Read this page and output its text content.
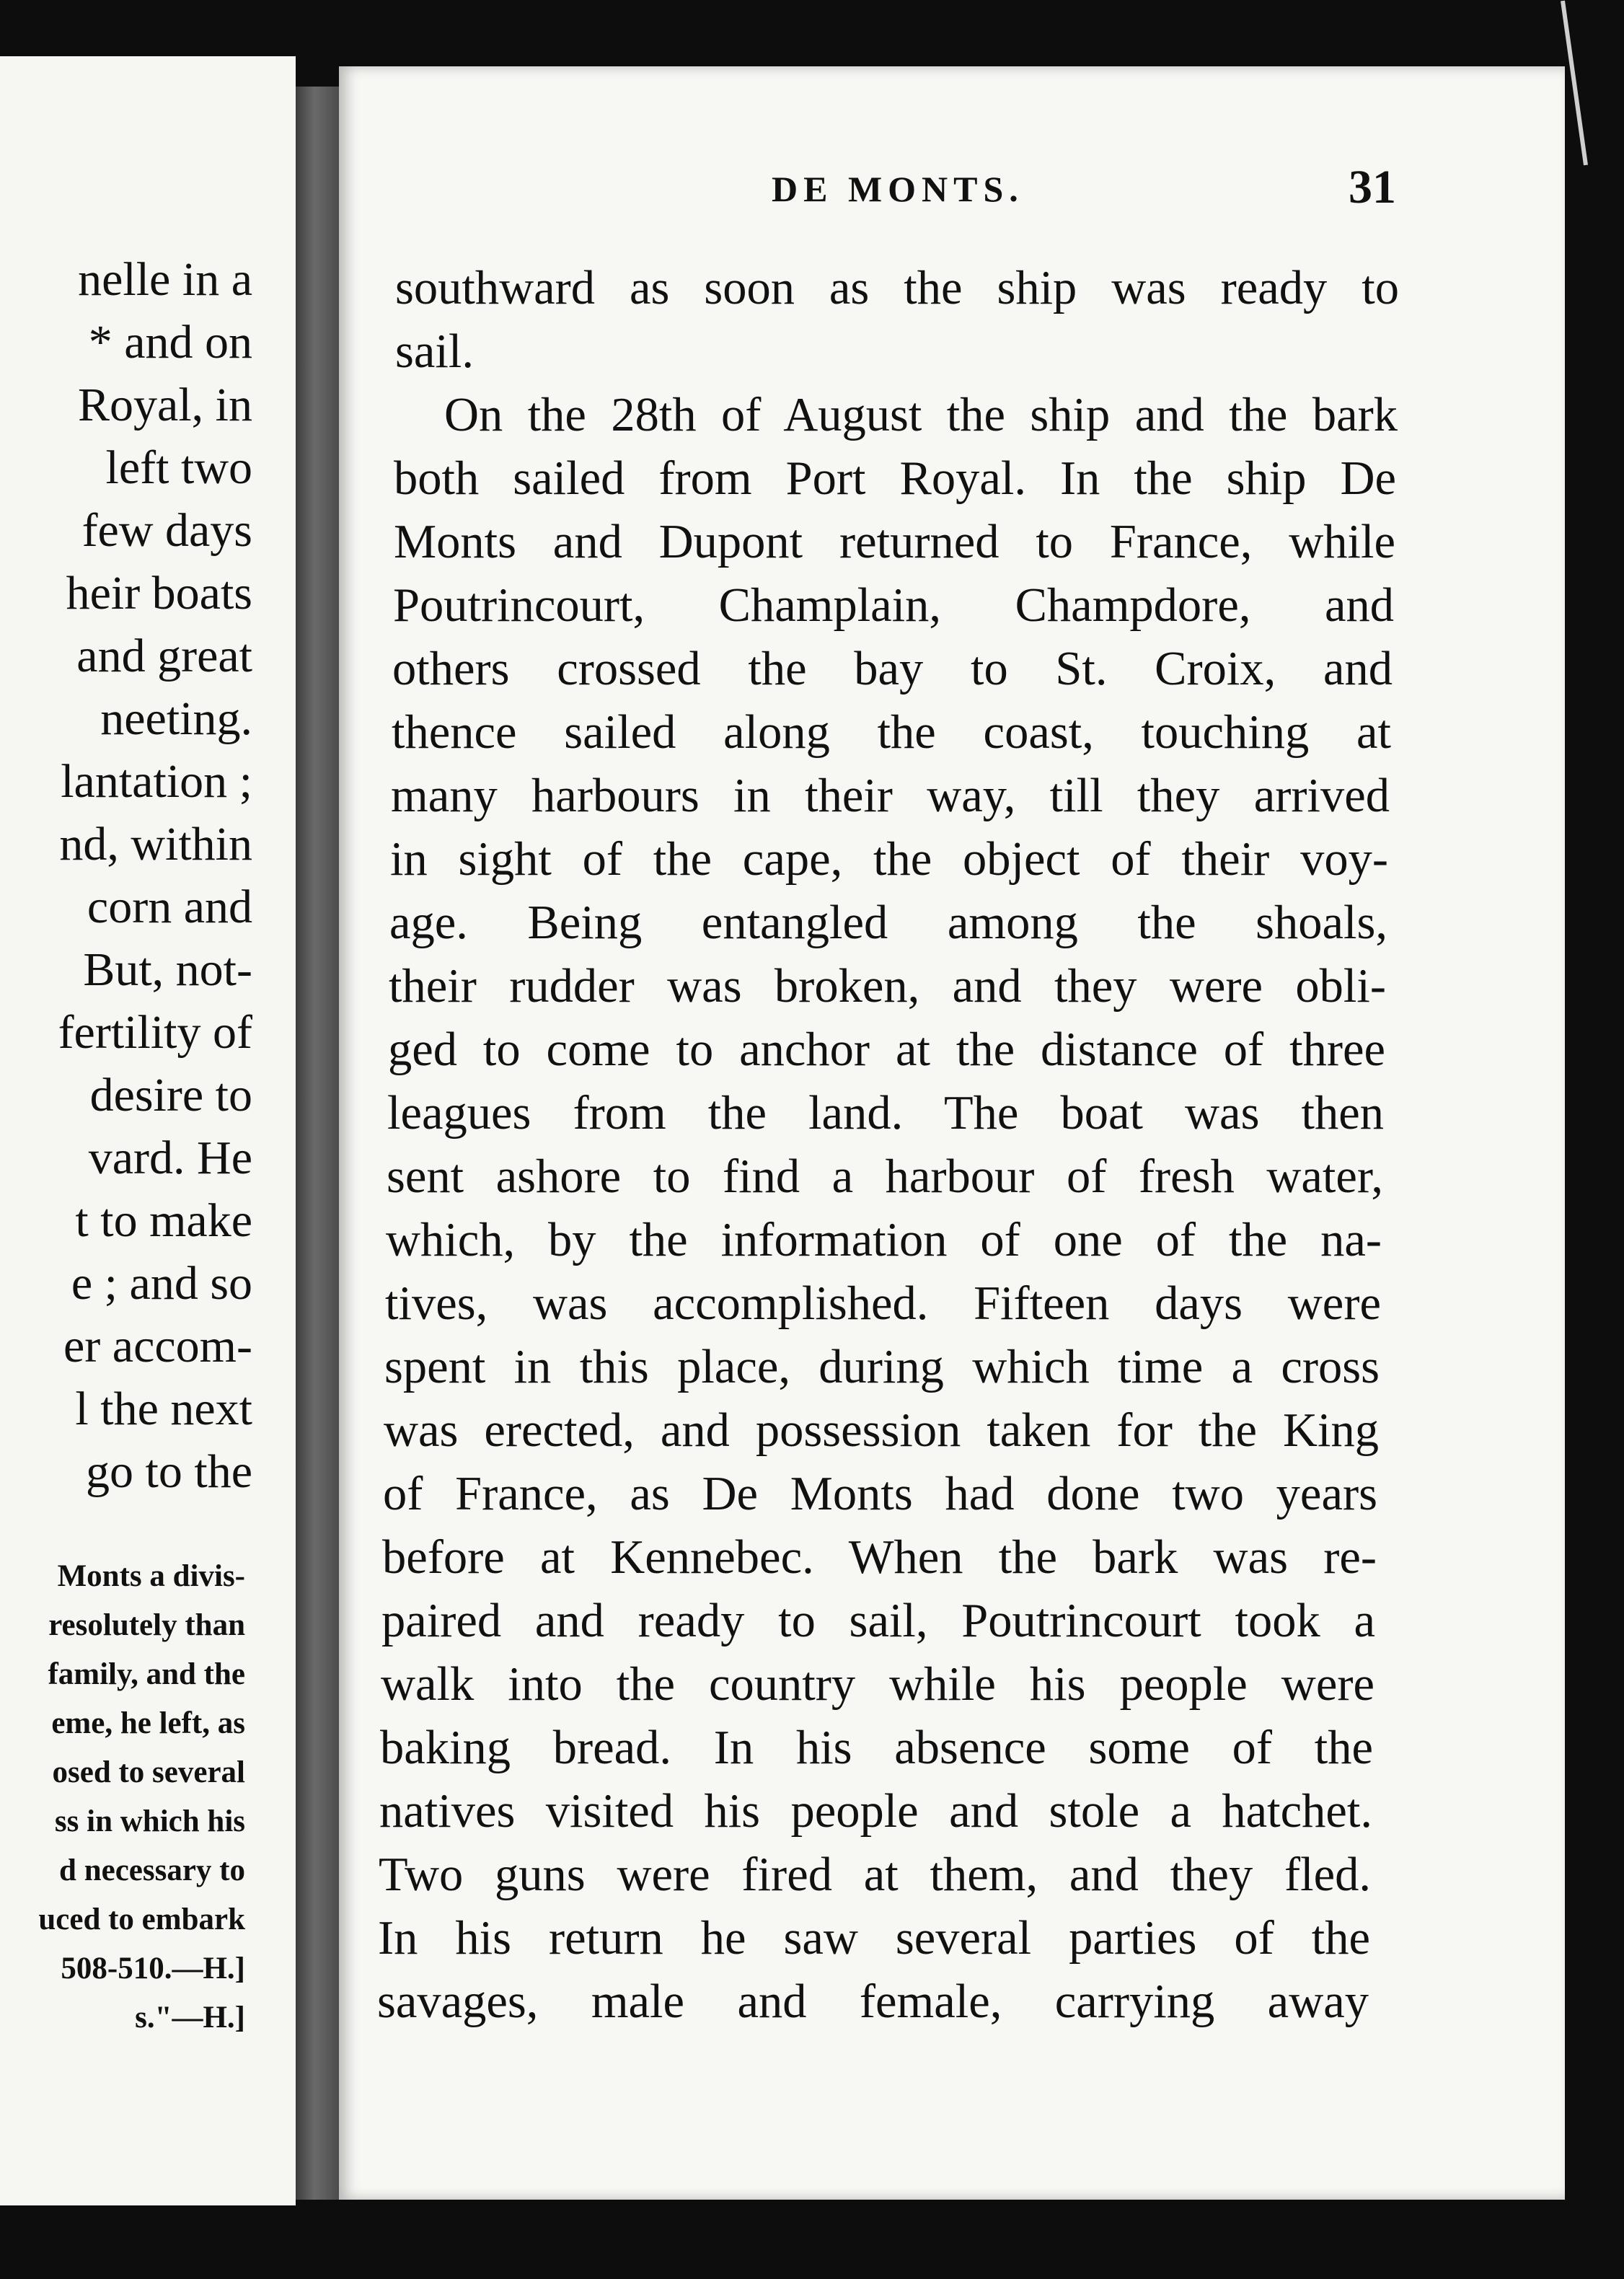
nelle in a
* and on
Royal, in
left two
few days
heir boats
and great
neeting.
lantation ;
nd, within
corn and
But, not-
fertility of
desire to
vard. He
t to make
e ; and so
er accom-
l the next
go to the
Monts a divis-
resolutely than
family, and the
eme, he left, as
osed to several
ss in which his
d necessary to
uced to embark
508-510.—H.]
s."—H.]
DE MONTS.	31
southward as soon as the ship was ready to
sail.
On the 28th of August the ship and the bark
both sailed from Port Royal. In the ship De
Monts and Dupont returned to France, while
Poutrincourt, Champlain, Champdore, and
others crossed the bay to St. Croix, and
thence sailed along the coast, touching at
many harbours in their way, till they arrived
in sight of the cape, the object of their voy-
age. Being entangled among the shoals,
their rudder was broken, and they were obli-
ged to come to anchor at the distance of three
leagues from the land. The boat was then
sent ashore to find a harbour of fresh water,
which, by the information of one of the na-
tives, was accomplished. Fifteen days were
spent in this place, during which time a cross
was erected, and possession taken for the King
of France, as De Monts had done two years
before at Kennebec. When the bark was re-
paired and ready to sail, Poutrincourt took a
walk into the country while his people were
baking bread. In his absence some of the
natives visited his people and stole a hatchet.
Two guns were fired at them, and they fled.
In his return he saw several parties of the
savages, male and female, carrying away
